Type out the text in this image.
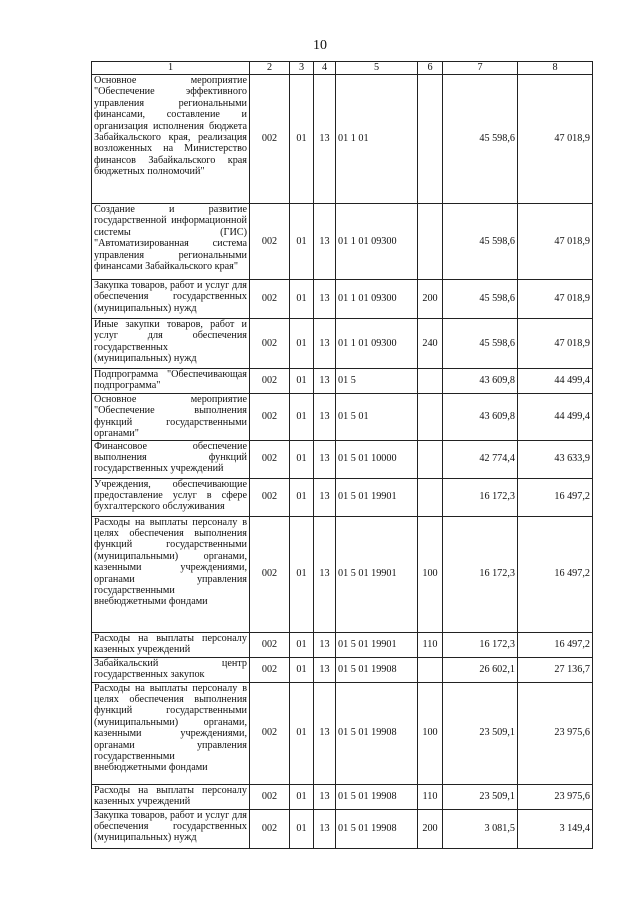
10
1	2	3	4	5	6	7	8
Основное мероприятие "Обеспечение эффективного управления региональными финансами, составление и организация исполнения бюджета Забайкальского края, реализация возложенных на Министерство финансов Забайкальского края бюджетных полномочий"	002	01	13	01 1 01		45 598,6	47 018,9
Создание и развитие государственной информационной системы (ГИС) "Автоматизированная система управления региональными финансами Забайкальского края"	002	01	13	01 1 01 09300		45 598,6	47 018,9
Закупка товаров, работ и услуг для обеспечения государственных (муниципальных) нужд	002	01	13	01 1 01 09300	200	45 598,6	47 018,9
Иные закупки товаров, работ и услуг для обеспечения государственных (муниципальных) нужд	002	01	13	01 1 01 09300	240	45 598,6	47 018,9
Подпрограмма "Обеспечивающая подпрограмма"	002	01	13	01 5		43 609,8	44 499,4
Основное мероприятие "Обеспечение выполнения функций государственными органами"	002	01	13	01 5 01		43 609,8	44 499,4
Финансовое обеспечение выполнения функций государственных учреждений	002	01	13	01 5 01 10000		42 774,4	43 633,9
Учреждения, обеспечивающие предоставление услуг в сфере бухгалтерского обслуживания	002	01	13	01 5 01 19901		16 172,3	16 497,2
Расходы на выплаты персоналу в целях обеспечения выполнения функций государственными (муниципальными) органами, казенными учреждениями, органами управления государственными внебюджетными фондами	002	01	13	01 5 01 19901	100	16 172,3	16 497,2
Расходы на выплаты персоналу казенных учреждений	002	01	13	01 5 01 19901	110	16 172,3	16 497,2
Забайкальский центр государственных закупок	002	01	13	01 5 01 19908		26 602,1	27 136,7
Расходы на выплаты персоналу в целях обеспечения выполнения функций государственными (муниципальными) органами, казенными учреждениями, органами управления государственными внебюджетными фондами	002	01	13	01 5 01 19908	100	23 509,1	23 975,6
Расходы на выплаты персоналу казенных учреждений	002	01	13	01 5 01 19908	110	23 509,1	23 975,6
Закупка товаров, работ и услуг для обеспечения государственных (муниципальных) нужд	002	01	13	01 5 01 19908	200	3 081,5	3 149,4
